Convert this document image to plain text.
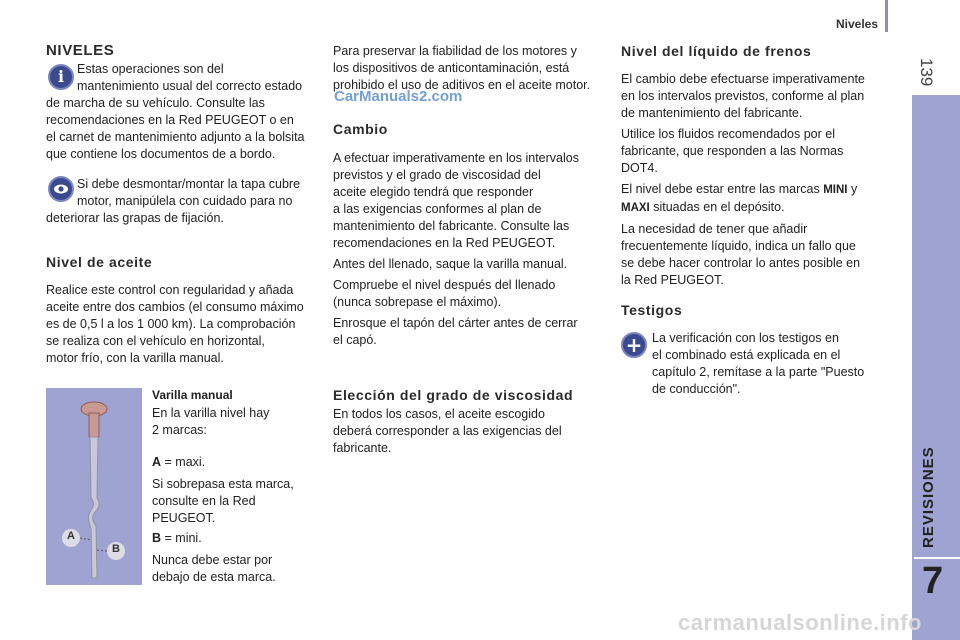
Niveles
139
REVISIONES
7
CarManuals2.com
carmanualsonline.info
NIVELES
i	Estas operaciones son del

mantenimiento usual del correcto estado

de marcha de su vehículo. Consulte las

recomendaciones en la Red PEUGEOT o en

el carnet de mantenimiento adjunto a la bolsita

que contiene los documentos de a bordo.

Si debe desmontar/montar la tapa cubre

motor, manipúlela con cuidado para no

deteriorar las grapas de fijación.

Nivel de aceite

Realice este control con regularidad y añada

aceite entre dos cambios (el consumo máximo

es de 0,5 l a los 1 000 km). La comprobación

se realiza con el vehículo en horizontal,

motor frío, con la varilla manual.

A
B
Varilla manual

En la varilla nivel hay

2 marcas:

A = maxi.

Si sobrepasa esta marca,

consulte en la Red

PEUGEOT.

B = mini.

Nunca debe estar por

debajo de esta marca.

Para preservar la fiabilidad de los motores y

los dispositivos de anticontaminación, está

prohibido el uso de aditivos en el aceite motor.

Cambio

A efectuar imperativamente en los intervalos

previstos y el grado de viscosidad del

aceite elegido tendrá que responder

a las exigencias conformes al plan de

mantenimiento del fabricante. Consulte las

recomendaciones en la Red PEUGEOT.

Antes del llenado, saque la varilla manual.

Compruebe el nivel después del llenado

(nunca sobrepase el máximo).

Enrosque el tapón del cárter antes de cerrar

el capó.

Elección del grado de viscosidad

En todos los casos, el aceite escogido

deberá corresponder a las exigencias del

fabricante.

Nivel del líquido de frenos

El cambio debe efectuarse imperativamente

en los intervalos previstos, conforme al plan

de mantenimiento del fabricante.

Utilice los fluidos recomendados por el

fabricante, que responden a las Normas

DOT4.

El nivel debe estar entre las marcas MINI y

MAXI situadas en el depósito.

La necesidad de tener que añadir

frecuentemente líquido, indica un fallo que

se debe hacer controlar lo antes posible en

la Red PEUGEOT.

Testigos
+ La verificación con los testigos en

el combinado está explicada en el

capítulo 2, remítase a la parte "Puesto

de conducción".
